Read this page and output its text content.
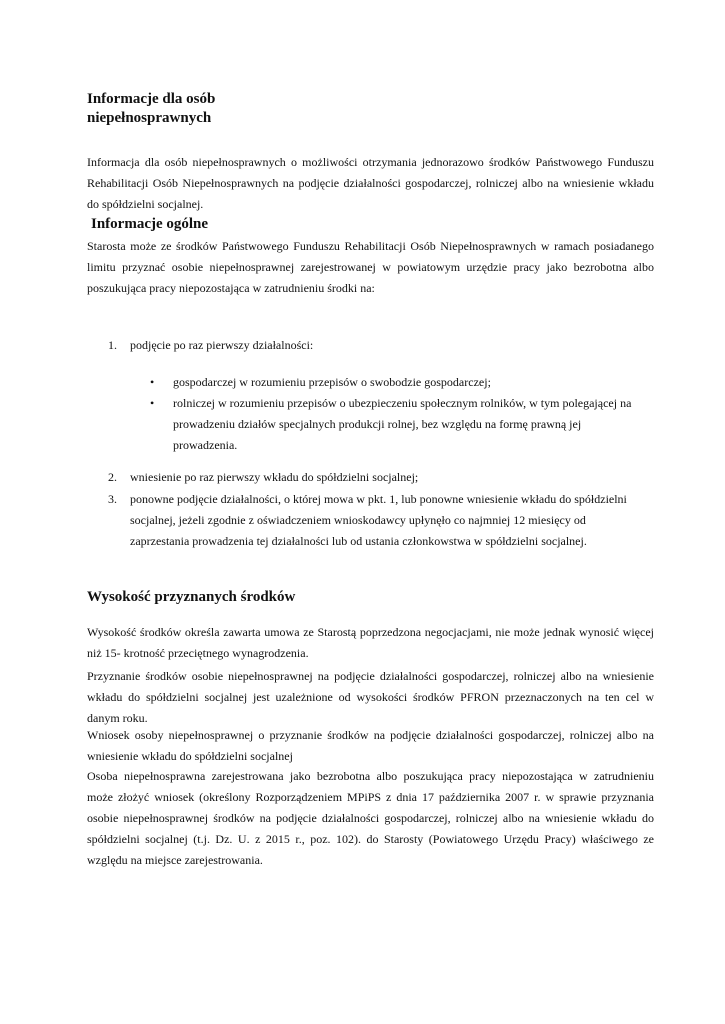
Informacje dla osób
niepełnosprawnych
Informacja dla osób niepełnosprawnych o możliwości otrzymania jednorazowo środków Państwowego Funduszu
Rehabilitacji Osób Niepełnosprawnych na podjęcie działalności gospodarczej, rolniczej albo na wniesienie wkładu
do spółdzielni socjalnej.
Informacje ogólne
Starosta może ze środków Państwowego Funduszu Rehabilitacji Osób Niepełnosprawnych w ramach posiadanego
limitu przyznać osobie niepełnosprawnej zarejestrowanej w powiatowym urzędzie pracy jako bezrobotna albo
poszukująca pracy niepozostająca w zatrudnieniu środki na:
1.	podjęcie po raz pierwszy działalności:
•	gospodarczej w rozumieniu przepisów o swobodzie gospodarczej;
•	rolniczej w rozumieniu przepisów o ubezpieczeniu społecznym rolników, w tym polegającej na
prowadzeniu działów specjalnych produkcji rolnej, bez względu na formę prawną jej
prowadzenia.
2.	wniesienie po raz pierwszy wkładu do spółdzielni socjalnej;
3.	ponowne podjęcie działalności, o której mowa w pkt. 1, lub ponowne wniesienie wkładu do spółdzielni
socjalnej, jeżeli zgodnie z oświadczeniem wnioskodawcy upłynęło co najmniej 12 miesięcy od
zaprzestania prowadzenia tej działalności lub od ustania członkowstwa w spółdzielni socjalnej.
Wysokość przyznanych środków
Wysokość środków określa zawarta umowa ze Starostą poprzedzona negocjacjami, nie może jednak wynosić więcej
niż 15- krotność przeciętnego wynagrodzenia.
Przyznanie środków osobie niepełnosprawnej na podjęcie działalności gospodarczej, rolniczej albo na wniesienie
wkładu do spółdzielni socjalnej jest uzależnione od wysokości środków PFRON przeznaczonych na ten cel w
danym roku.
Wniosek osoby niepełnosprawnej o przyznanie środków na podjęcie działalności gospodarczej, rolniczej albo na
wniesienie wkładu do spółdzielni socjalnej
Osoba niepełnosprawna zarejestrowana jako bezrobotna albo poszukująca pracy niepozostająca w zatrudnieniu
może złożyć wniosek (określony Rozporządzeniem MPiPS z dnia 17 października 2007 r. w sprawie przyznania
osobie niepełnosprawnej środków na podjęcie działalności gospodarczej, rolniczej albo na wniesienie wkładu do
spółdzielni socjalnej (t.j. Dz. U. z 2015 r., poz. 102). do Starosty (Powiatowego Urzędu Pracy) właściwego ze
względu na miejsce zarejestrowania.
